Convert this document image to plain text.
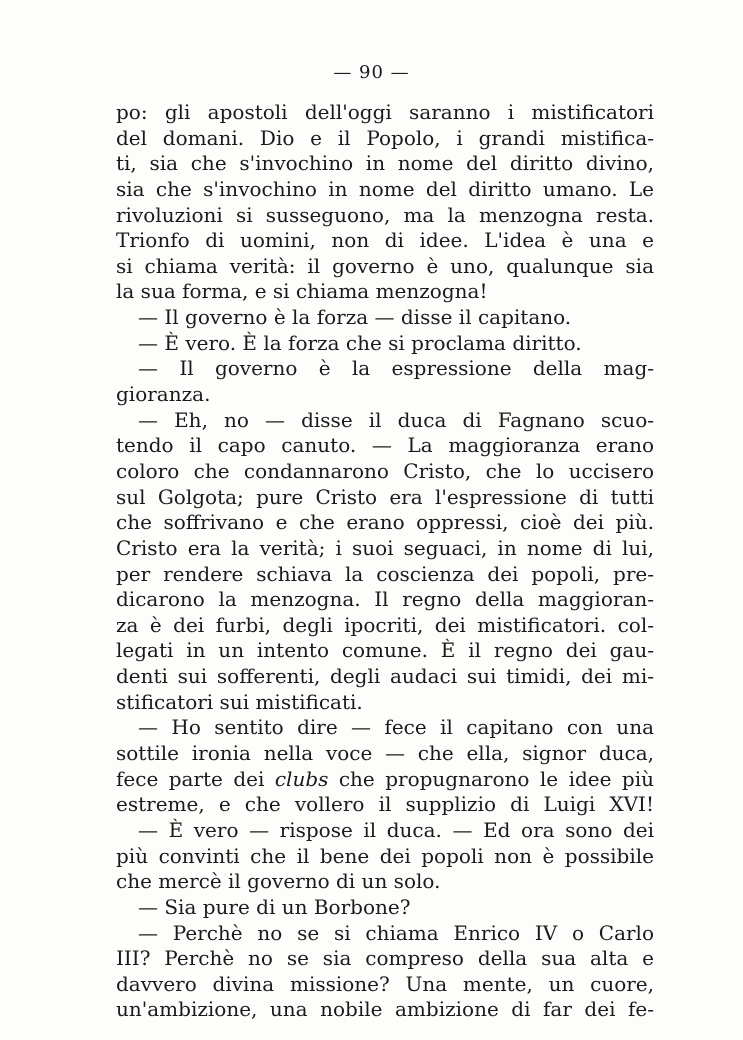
— 90 —
po: gli apostoli dell'oggi saranno i mistificatori
del domani. Dio e il Popolo, i grandi mistifica-
ti, sia che s'invochino in nome del diritto divino,
sia che s'invochino in nome del diritto umano. Le
rivoluzioni si susseguono, ma la menzogna resta.
Trionfo di uomini, non di idee. L'idea è una e
si chiama verità: il governo è uno, qualunque sia
la sua forma, e si chiama menzogna!
— Il governo è la forza — disse il capitano.
— È vero. È la forza che si proclama diritto.
— Il governo è la espressione della mag-
gioranza.
— Eh, no — disse il duca di Fagnano scuo-
tendo il capo canuto. — La maggioranza erano
coloro che condannarono Cristo, che lo uccisero
sul Golgota; pure Cristo era l'espressione di tutti
che soffrivano e che erano oppressi, cioè dei più.
Cristo era la verità; i suoi seguaci, in nome di lui,
per rendere schiava la coscienza dei popoli, pre-
dicarono la menzogna. Il regno della maggioran-
za è dei furbi, degli ipocriti, dei mistificatori. col-
legati in un intento comune. È il regno dei gau-
denti sui sofferenti, degli audaci sui timidi, dei mi-
stificatori sui mistificati.
— Ho sentito dire — fece il capitano con una
sottile ironia nella voce — che ella, signor duca,
fece parte dei clubs che propugnarono le idee più
estreme, e che vollero il supplizio di Luigi XVI!
— È vero — rispose il duca. — Ed ora sono dei
più convinti che il bene dei popoli non è possibile
che mercè il governo di un solo.
— Sia pure di un Borbone?
— Perchè no se si chiama Enrico IV o Carlo
III? Perchè no se sia compreso della sua alta e
davvero divina missione? Una mente, un cuore,
un'ambizione, una nobile ambizione di far dei fe-
